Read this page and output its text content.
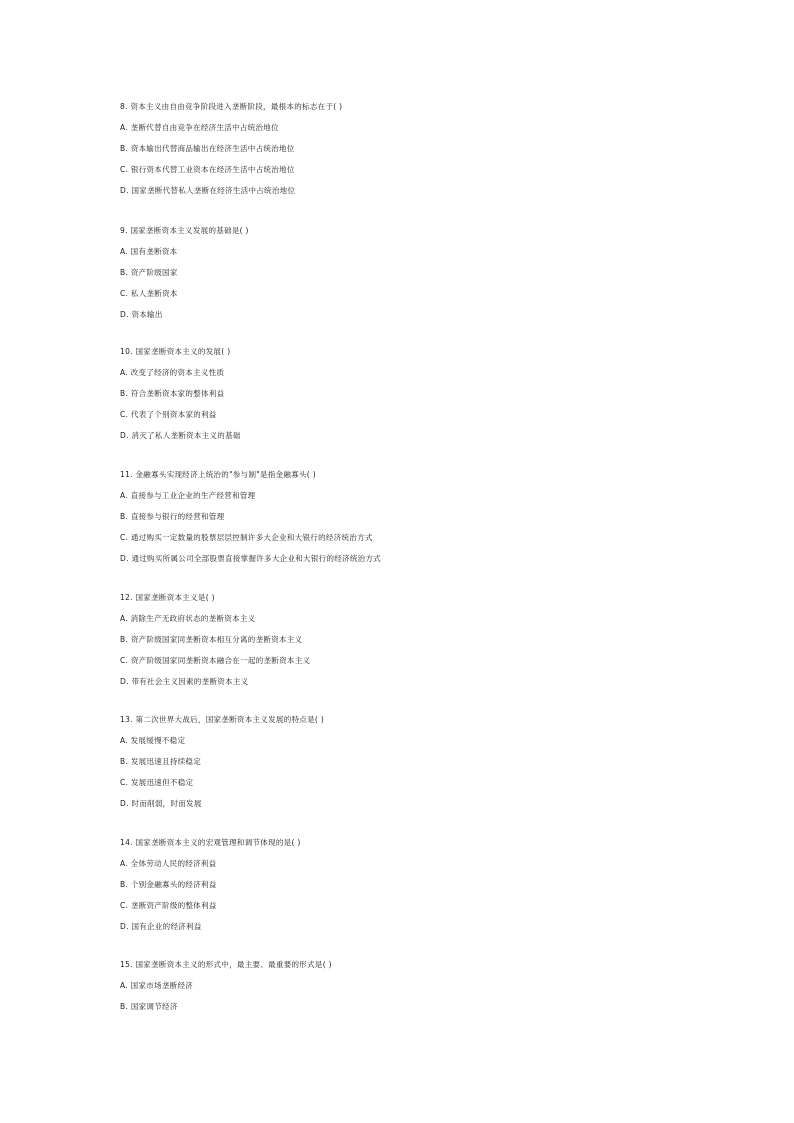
8. 资本主义由自由竞争阶段进入垄断阶段，最根本的标志在于( )
A. 垄断代替自由竞争在经济生活中占统治地位
B. 资本输出代替商品输出在经济生活中占统治地位
C. 银行资本代替工业资本在经济生活中占统治地位
D. 国家垄断代替私人垄断在经济生活中占统治地位
9. 国家垄断资本主义发展的基础是( )
A. 国有垄断资本
B. 资产阶级国家
C. 私人垄断资本
D. 资本输出
10. 国家垄断资本主义的发展( )
A. 改变了经济的资本主义性质
B. 符合垄断资本家的整体利益
C. 代表了个别资本家的利益
D. 消灭了私人垄断资本主义的基础
11. 金融寡头实现经济上统治的"参与制"是指金融寡头( )
A. 直接参与工业企业的生产经营和管理
B. 直接参与银行的经营和管理
C. 通过购买一定数量的股票层层控制许多大企业和大银行的经济统治方式
D. 通过购买所属公司全部股票直接掌握许多大企业和大银行的经济统治方式
12. 国家垄断资本主义是( )
A. 消除生产无政府状态的垄断资本主义
B. 资产阶级国家同垄断资本相互分离的垄断资本主义
C. 资产阶级国家同垄断资本融合在一起的垄断资本主义
D. 带有社会主义因素的垄断资本主义
13. 第二次世界大战后，国家垄断资本主义发展的特点是( )
A. 发展缓慢不稳定
B. 发展迅速且持续稳定
C. 发展迅速但不稳定
D. 时而削弱，时而发展
14. 国家垄断资本主义的宏观管理和调节体现的是( )
A. 全体劳动人民的经济利益
B. 个别金融寡头的经济利益
C. 垄断资产阶级的整体利益
D. 国有企业的经济利益
15. 国家垄断资本主义的形式中，最主要、最重要的形式是( )
A. 国家市场垄断经济
B. 国家调节经济
